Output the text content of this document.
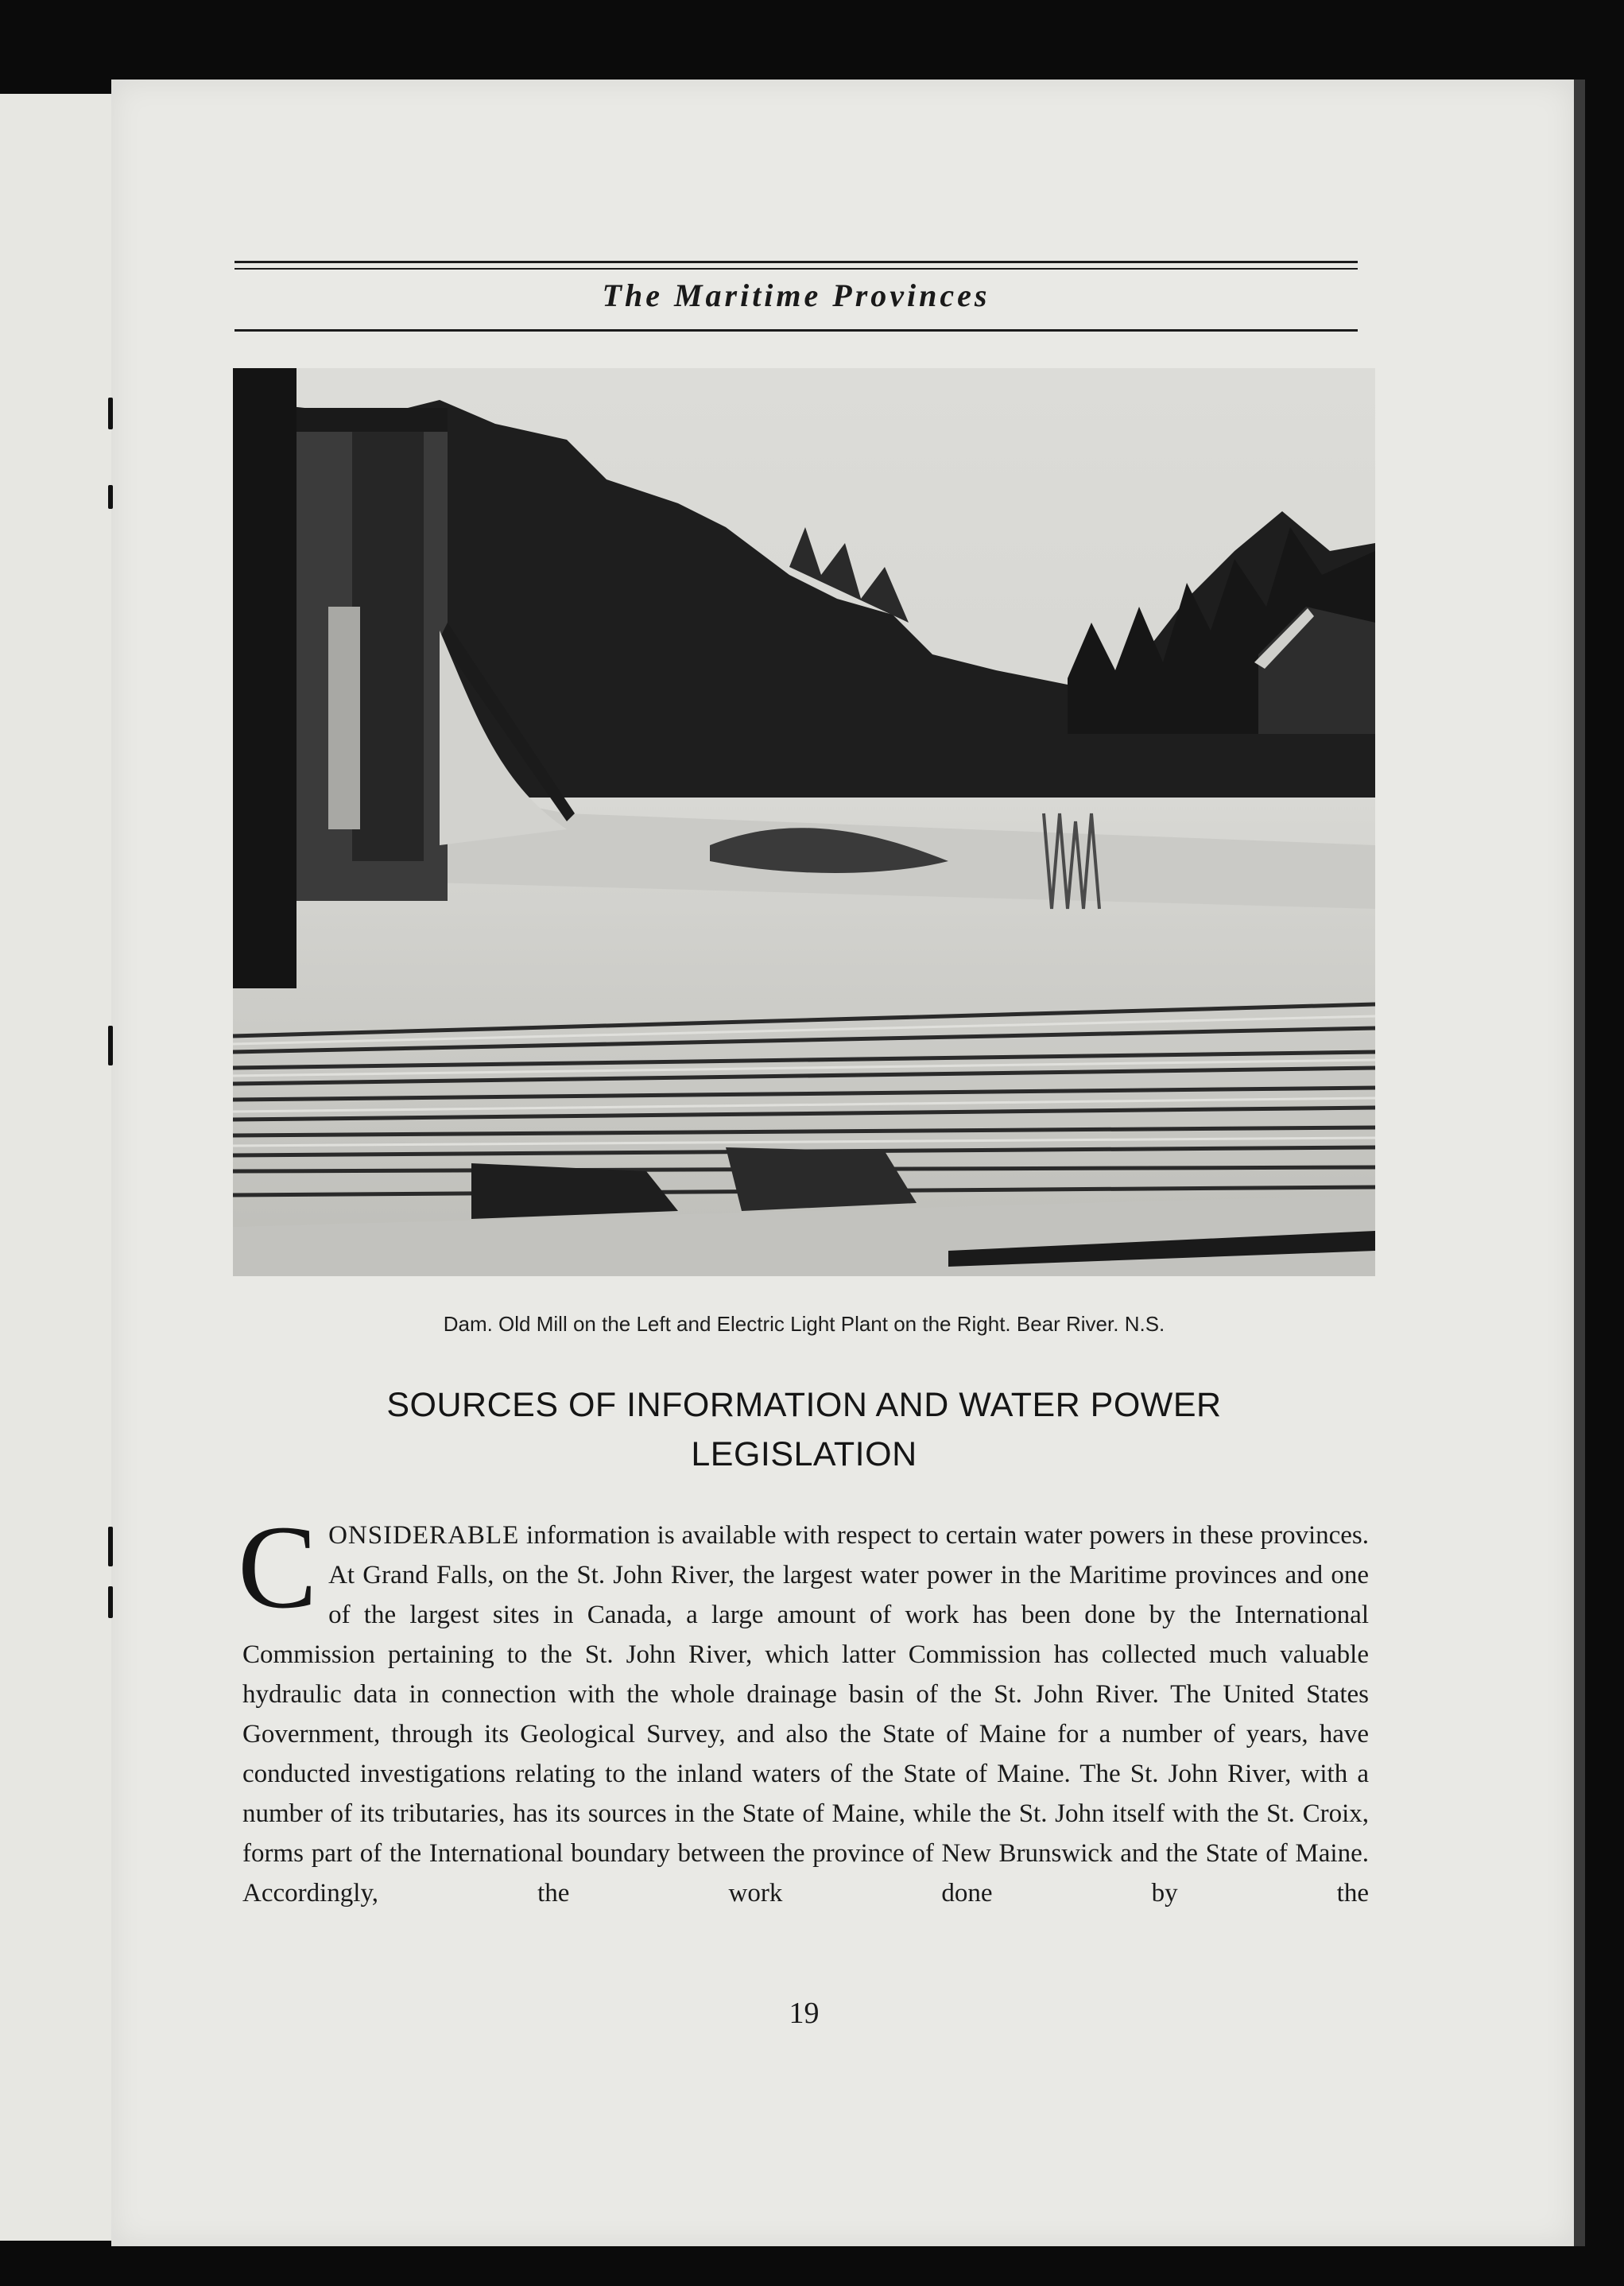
The Maritime Provinces
Dam. Old Mill on the Left and Electric Light Plant on the Right. Bear River. N.S.
SOURCES OF INFORMATION AND WATER POWER
LEGISLATION
CONSIDERABLE information is available with respect to certain water powers in these provinces. At Grand Falls, on the St. John River, the largest water power in the Maritime provinces and one of the largest sites in Canada, a large amount of work has been done by the International Commission pertaining to the St. John River, which latter Commission has collected much valuable hydraulic data in connection with the whole drainage basin of the St. John River. The United States Government, through its Geological Survey, and also the State of Maine for a number of years, have conducted investigations relating to the inland waters of the State of Maine. The St. John River, with a number of its tributaries, has its sources in the State of Maine, while the St. John itself with the St. Croix, forms part of the International boundary between the province of New Brunswick and the State of Maine. Accordingly, the work done by the
19
